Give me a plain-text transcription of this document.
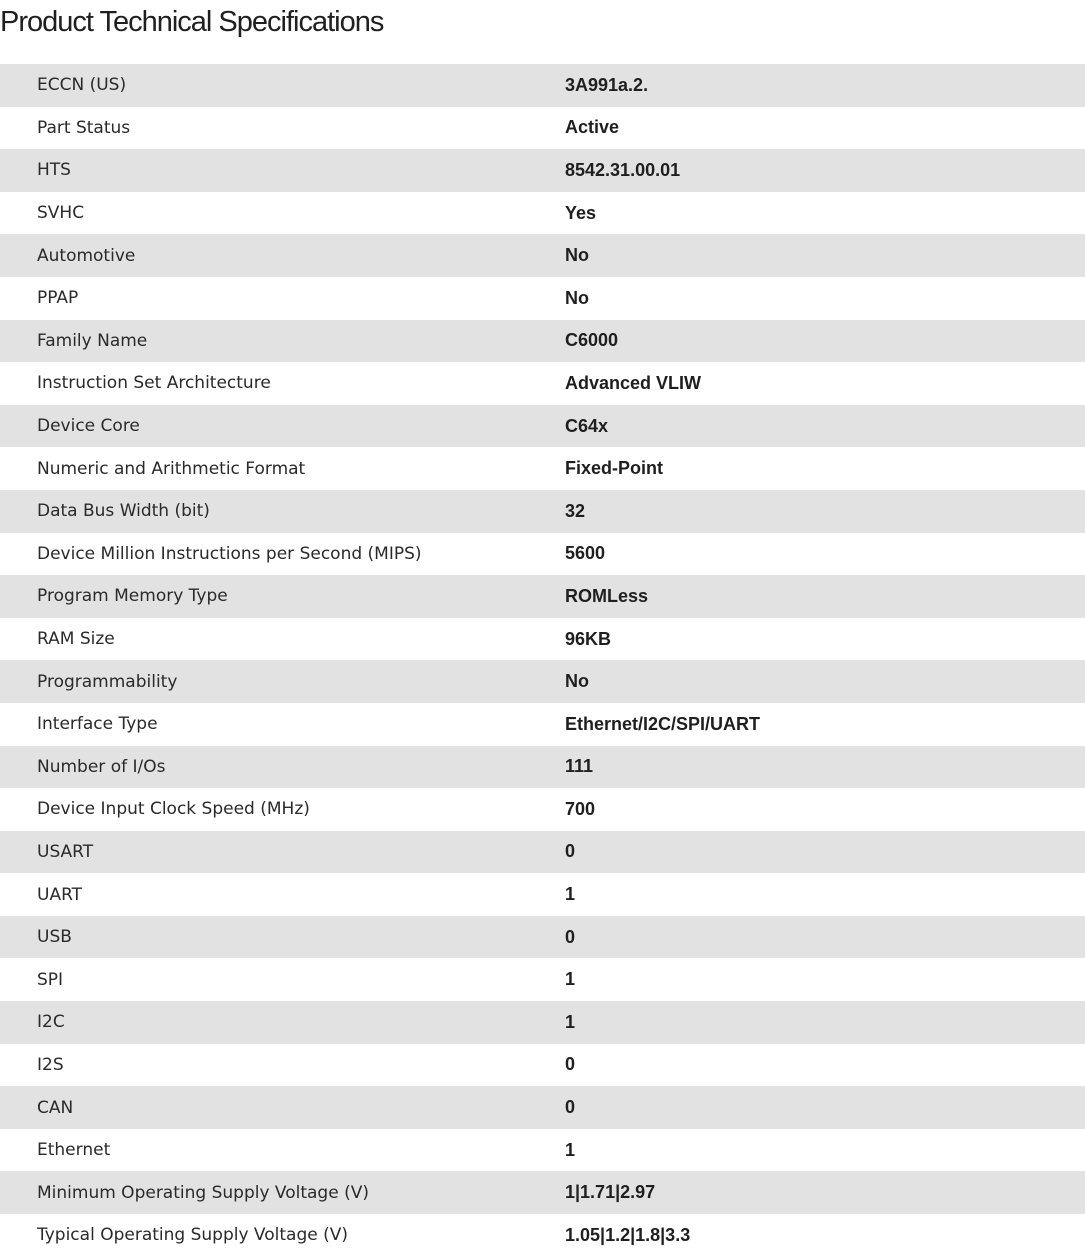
Product Technical Specifications
ECCN (US)	3A991a.2.
Part Status	Active
HTS	8542.31.00.01
SVHC	Yes
Automotive	No
PPAP	No
Family Name	C6000
Instruction Set Architecture	Advanced VLIW
Device Core	C64x
Numeric and Arithmetic Format	Fixed-Point
Data Bus Width (bit)	32
Device Million Instructions per Second (MIPS)	5600
Program Memory Type	ROMLess
RAM Size	96KB
Programmability	No
Interface Type	Ethernet/I2C/SPI/UART
Number of I/Os	111
Device Input Clock Speed (MHz)	700
USART	0
UART	1
USB	0
SPI	1
I2C	1
I2S	0
CAN	0
Ethernet	1
Minimum Operating Supply Voltage (V)	1|1.71|2.97
Typical Operating Supply Voltage (V)	1.05|1.2|1.8|3.3
